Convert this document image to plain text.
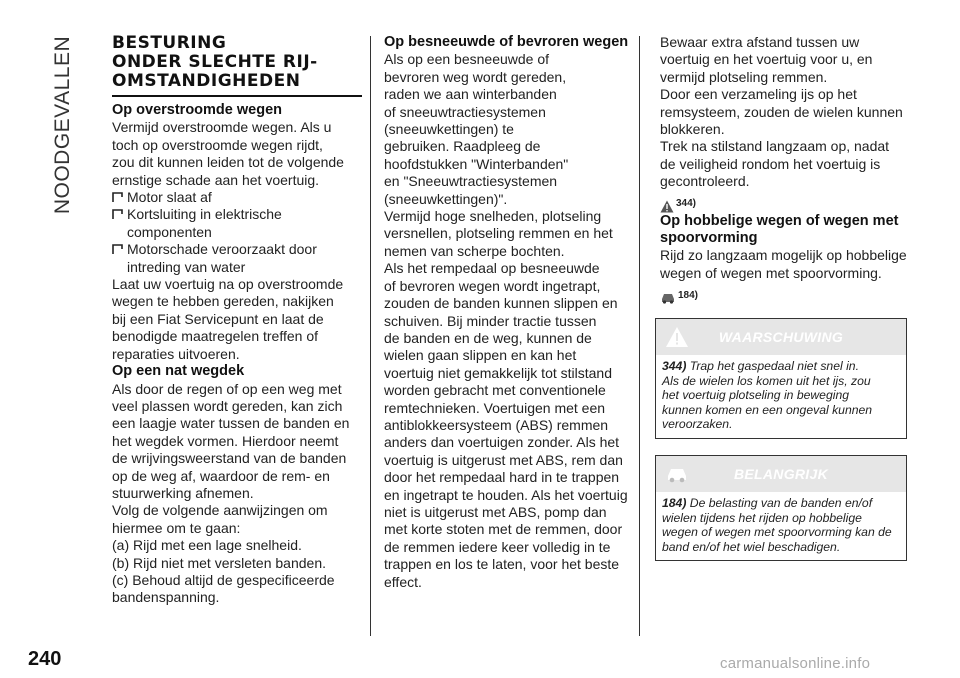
NOODGEVALLEN
240	carmanualsonline.info
BESTURING
ONDER SLECHTE RIJ-
OMSTANDIGHEDEN

Op overstroomde wegen

Vermijd overstroomde wegen. Als u
toch op overstroomde wegen rijdt,
zou dit kunnen leiden tot de volgende
ernstige schade aan het voertuig.
Motor slaat af
Kortsluiting in elektrische
componenten
Motorschade veroorzaakt door
intreding van water
Laat uw voertuig na op overstroomde
wegen te hebben gereden, nakijken
bij een Fiat Servicepunt en laat de
benodigde maatregelen treffen of
reparaties uitvoeren.

Op een nat wegdek

Als door de regen of op een weg met
veel plassen wordt gereden, kan zich
een laagje water tussen de banden en
het wegdek vormen. Hierdoor neemt
de wrijvingsweerstand van de banden
op de weg af, waardoor de rem- en
stuurwerking afnemen.
Volg de volgende aanwijzingen om
hiermee om te gaan:
(a) Rijd met een lage snelheid.
(b) Rijd niet met versleten banden.
(c) Behoud altijd de gespecificeerde
bandenspanning.

Op besneeuwde of bevroren wegen

Als op een besneeuwde of
bevroren weg wordt gereden,
raden we aan winterbanden
of sneeuwtractiesystemen
(sneeuwkettingen) te
gebruiken. Raadpleeg de
hoofdstukken "Winterbanden"
en "Sneeuwtractiesystemen
(sneeuwkettingen)".
Vermijd hoge snelheden, plotseling
versnellen, plotseling remmen en het
nemen van scherpe bochten.
Als het rempedaal op besneeuwde
of bevroren wegen wordt ingetrapt,
zouden de banden kunnen slippen en
schuiven. Bij minder tractie tussen
de banden en de weg, kunnen de
wielen gaan slippen en kan het
voertuig niet gemakkelijk tot stilstand
worden gebracht met conventionele
remtechnieken. Voertuigen met een
antiblokkeersysteem (ABS) remmen
anders dan voertuigen zonder. Als het
voertuig is uitgerust met ABS, rem dan
door het rempedaal hard in te trappen
en ingetrapt te houden. Als het voertuig
niet is uitgerust met ABS, pomp dan
met korte stoten met de remmen, door
de remmen iedere keer volledig in te
trappen en los te laten, voor het beste
effect.
Bewaar extra afstand tussen uw
voertuig en het voertuig voor u, en
vermijd plotseling remmen.
Door een verzameling ijs op het
remsysteem, zouden de wielen kunnen
blokkeren.
Trek na stilstand langzaam op, nadat
de veiligheid rondom het voertuig is
gecontroleerd.
344)

Op hobbelige wegen of wegen met
spoorvorming

Rijd zo langzaam mogelijk op hobbelige
wegen of wegen met spoorvorming.
184)
WAARSCHUWING
344) Trap het gaspedaal niet snel in.
Als de wielen los komen uit het ijs, zou
het voertuig plotseling in beweging
kunnen komen en een ongeval kunnen
veroorzaken.
BELANGRIJK
184) De belasting van de banden en/of
wielen tijdens het rijden op hobbelige
wegen of wegen met spoorvorming kan de
band en/of het wiel beschadigen.
